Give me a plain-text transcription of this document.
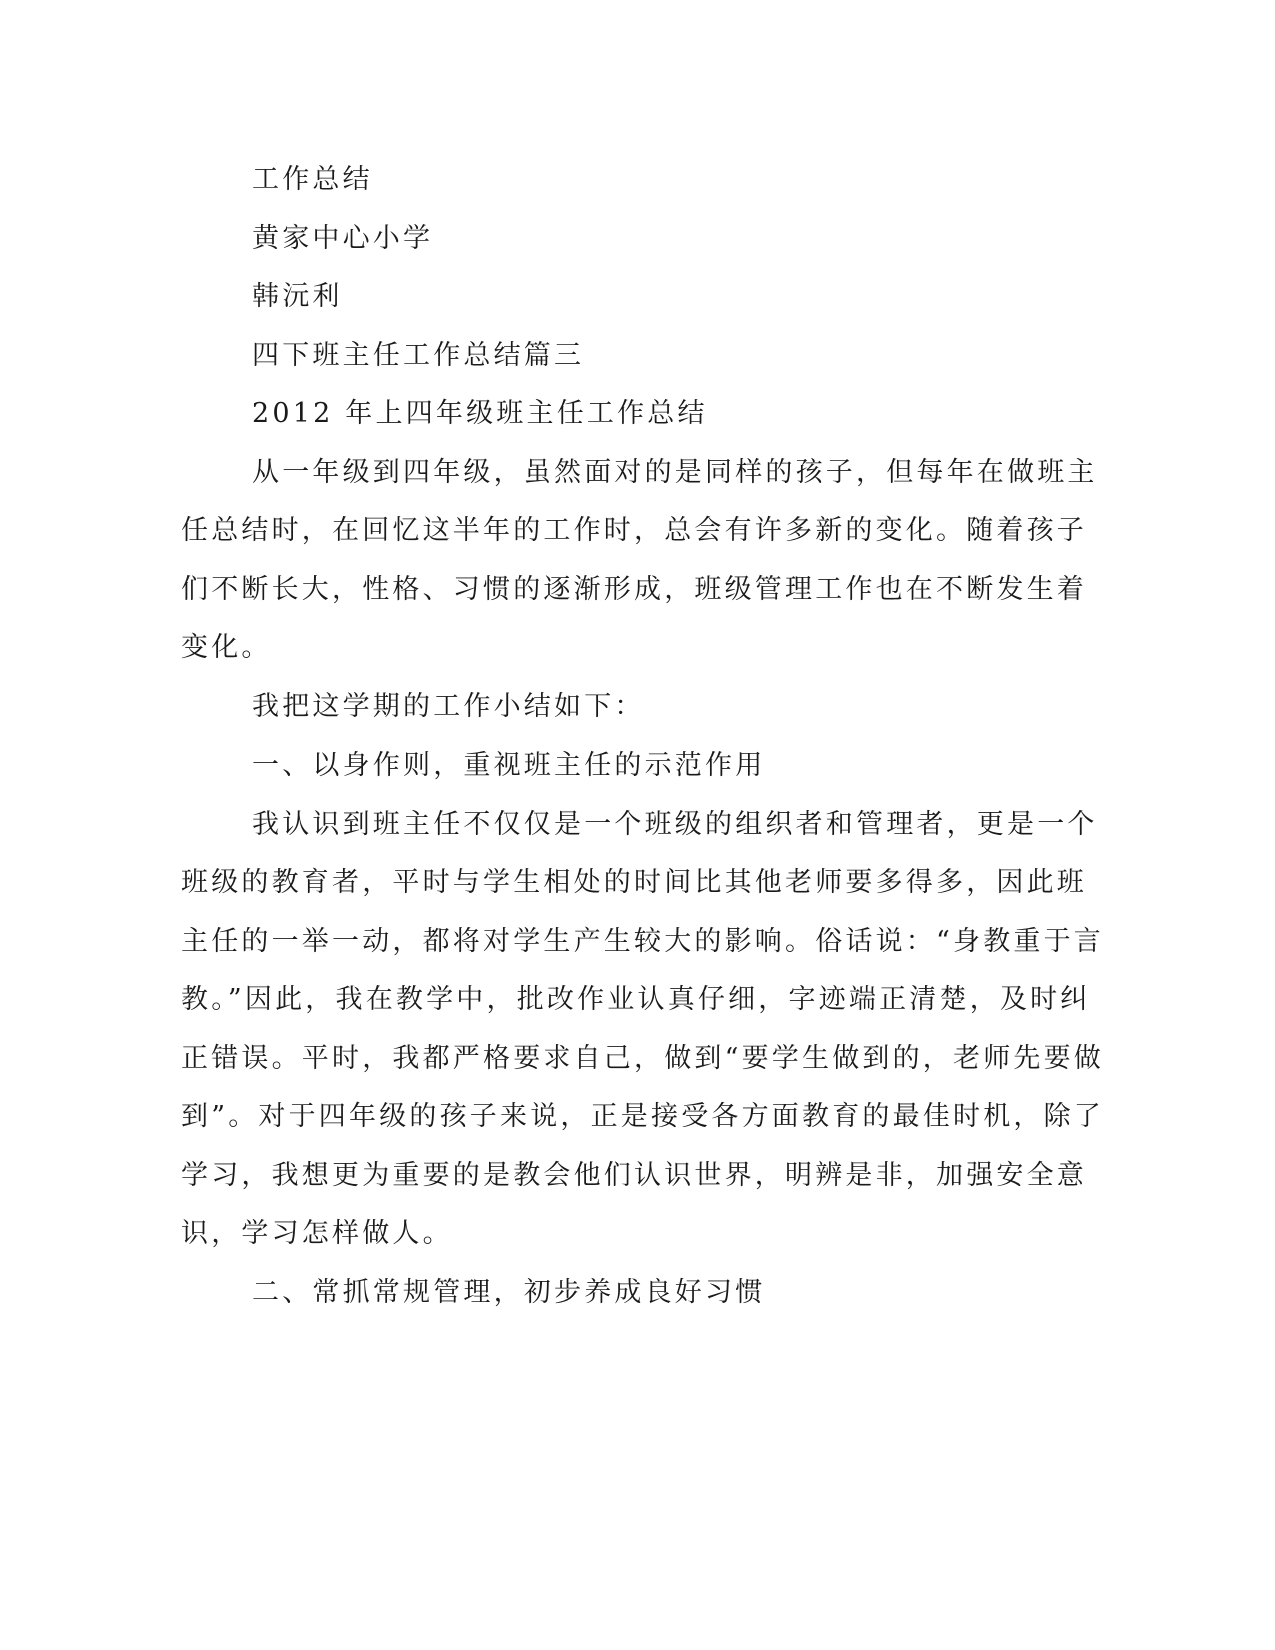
工作总结
黄家中心小学
韩沅利
四下班主任工作总结篇三
2012 年上四年级班主任工作总结
从一年级到四年级，虽然面对的是同样的孩子，但每年在做班主
任总结时，在回忆这半年的工作时，总会有许多新的变化。随着孩子
们不断长大，性格、习惯的逐渐形成，班级管理工作也在不断发生着
变化。
我把这学期的工作小结如下：
一、以身作则，重视班主任的示范作用
我认识到班主任不仅仅是一个班级的组织者和管理者，更是一个
班级的教育者，平时与学生相处的时间比其他老师要多得多，因此班
主任的一举一动，都将对学生产生较大的影响。俗话说：“身教重于言
教。”因此，我在教学中，批改作业认真仔细，字迹端正清楚，及时纠
正错误。平时，我都严格要求自己，做到“要学生做到的，老师先要做
到”。对于四年级的孩子来说，正是接受各方面教育的最佳时机，除了
学习，我想更为重要的是教会他们认识世界，明辨是非，加强安全意
识，学习怎样做人。
二、常抓常规管理，初步养成良好习惯
